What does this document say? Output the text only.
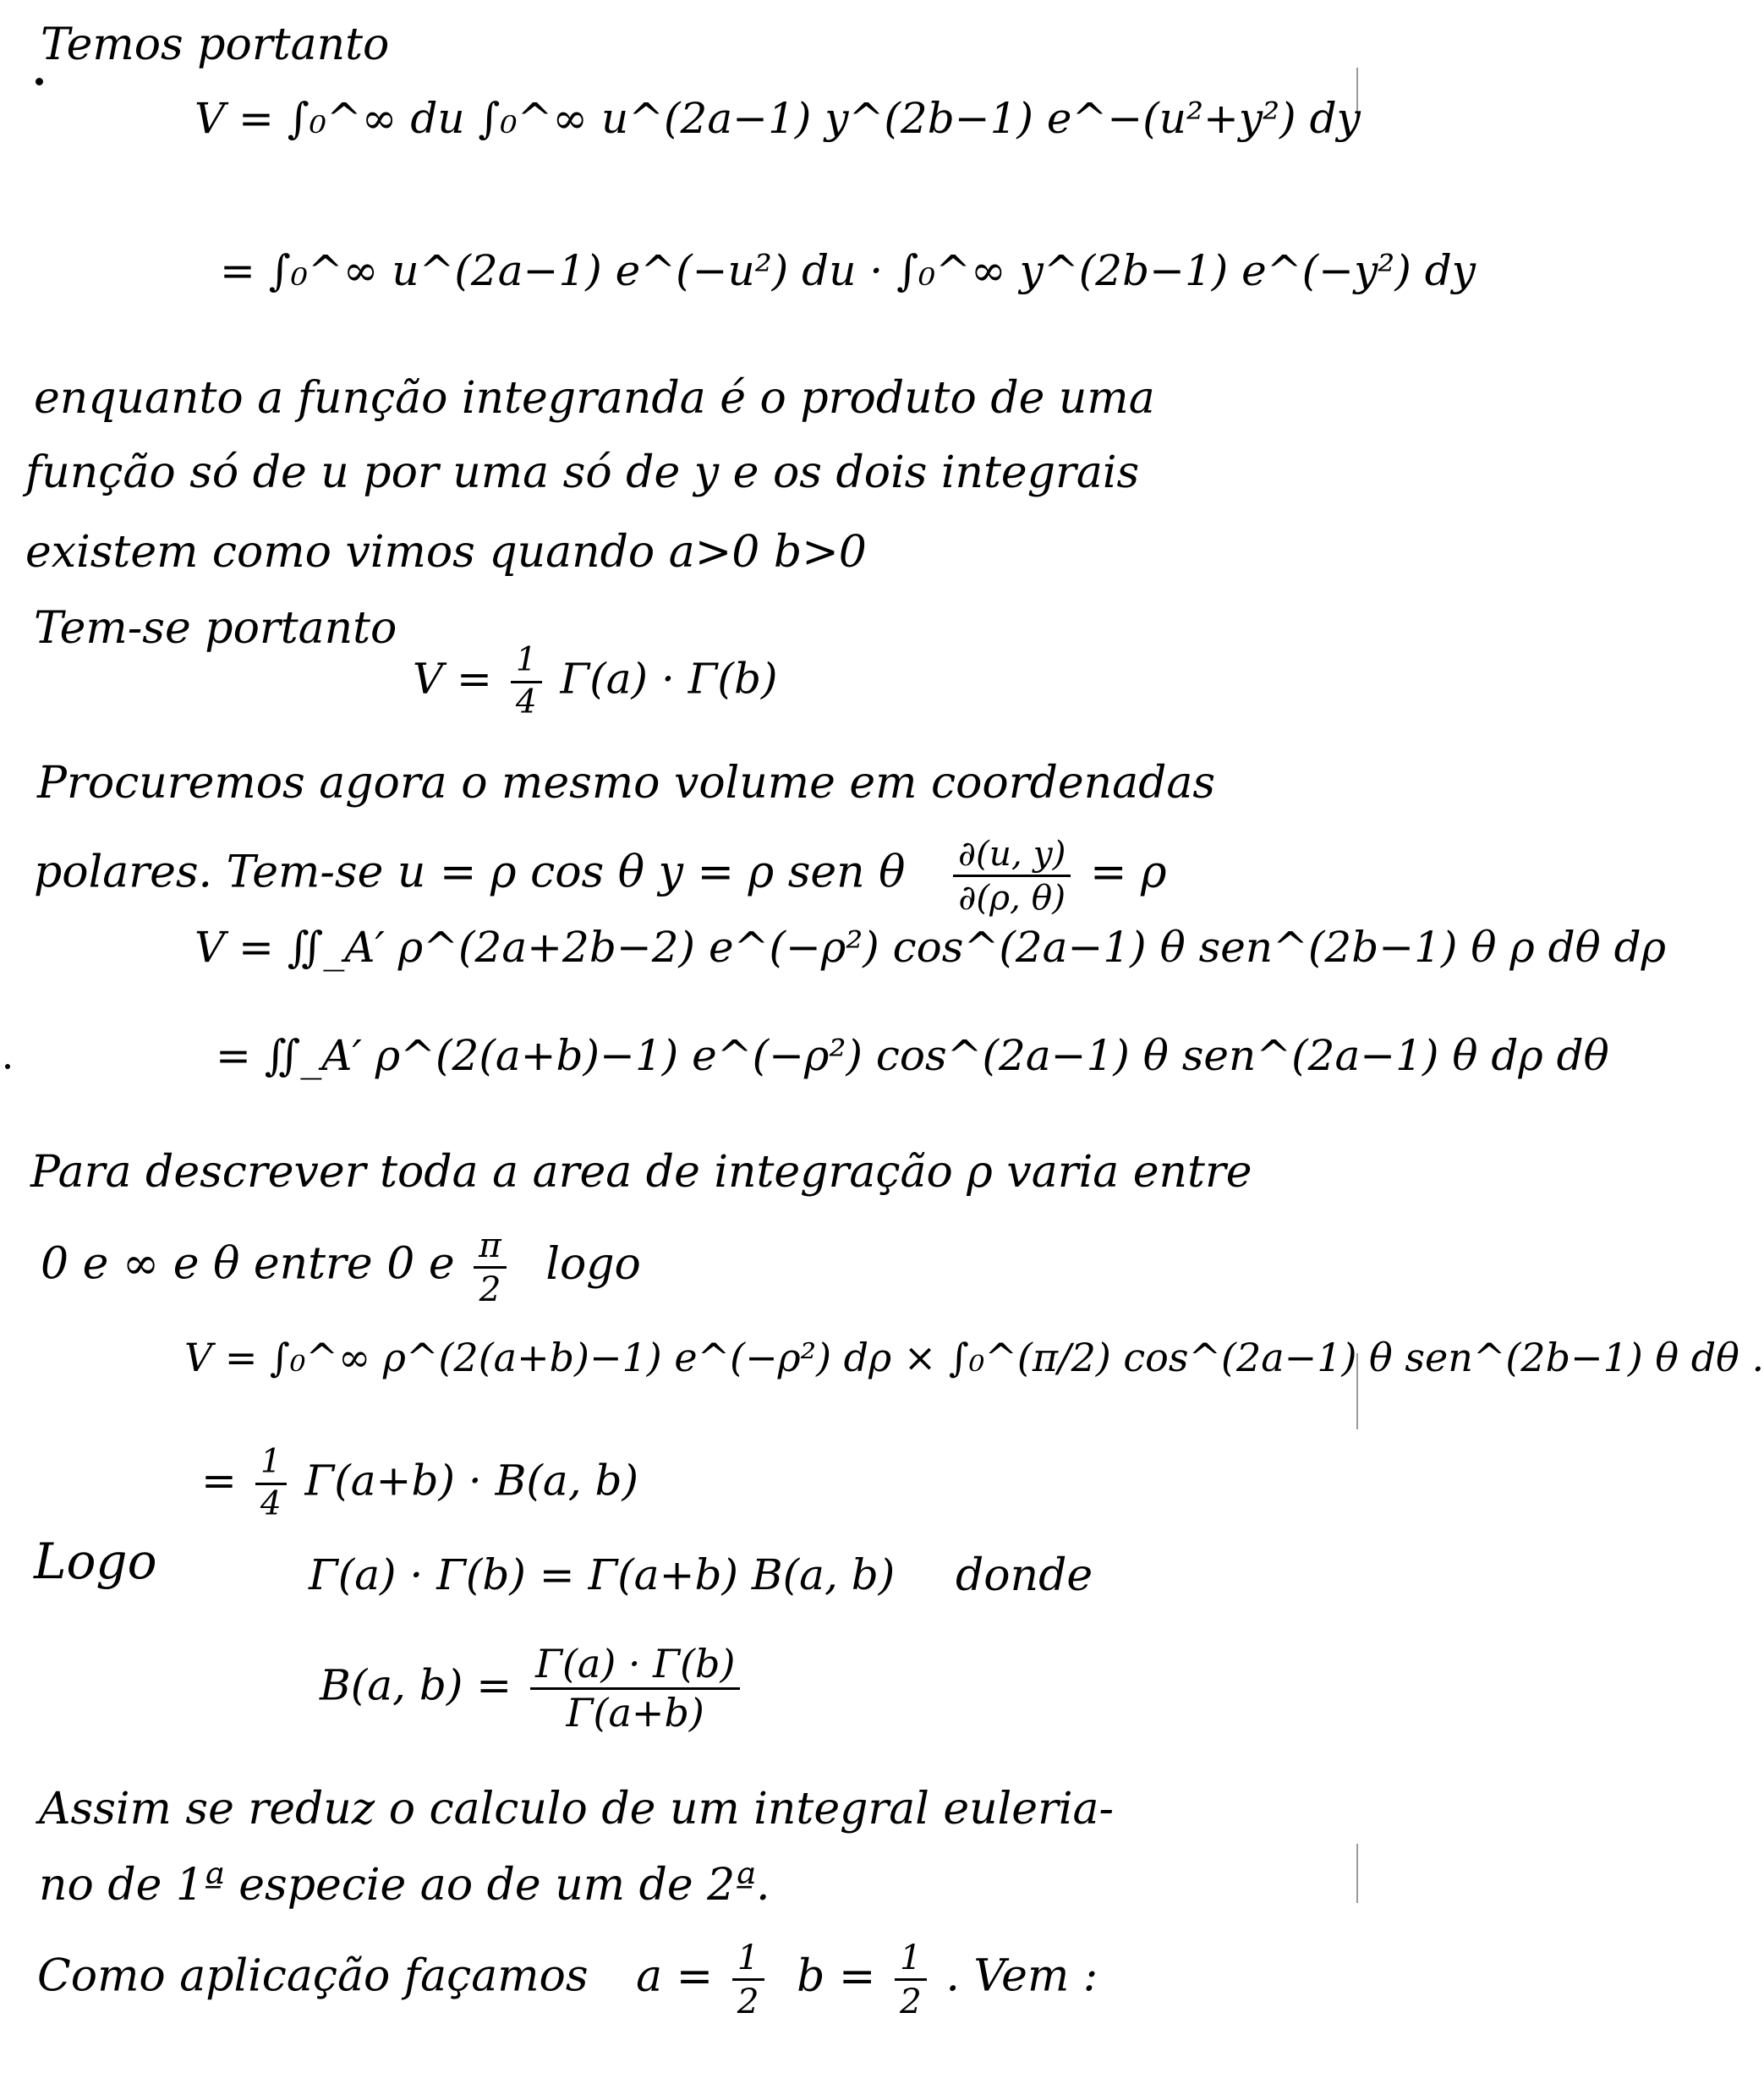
Temos portanto
V = ∫₀^∞ du ∫₀^∞ u^(2a−1) y^(2b−1) e^−(u²+y²) dy
= ∫₀^∞ u^(2a−1) e^(−u²) du · ∫₀^∞ y^(2b−1) e^(−y²) dy
enquanto a função integranda é o produto de uma
função só de u por uma só de y e os dois integrais
existem como vimos quando a>0 b>0
Tem-se portanto
$V = \frac{1}{4} \Gamma(a) \cdot \Gamma(b)$
Procuremos agora o mesmo volume em coordenadas
polares. Tem-se u = ρ cos θ y = ρ sen θ $\frac{\partial(u, y)}{\partial(\rho, \theta)} = \rho$
V = ∬_A′ ρ^(2a+2b−2) e^(−ρ²) cos^(2a−1) θ sen^(2b−1) θ ρ dθ dρ
= ∬_A′ ρ^(2(a+b)−1) e^(−ρ²) cos^(2a−1) θ sen^(2a−1) θ dρ dθ
Para descrever toda a area de integração ρ varia entre
0 e ∞ e θ entre 0 e $\frac{\pi}{2}$ logo
V = ∫₀^∞ ρ^(2(a+b)−1) e^(−ρ²) dρ × ∫₀^(π/2) cos^(2a−1) θ sen^(2b−1) θ dθ .
= $\frac{1}{4} \Gamma(a+b) \cdot B(a$, b)
Logo	Γ(a) · Γ(b) = Γ(a+b) B(a, b) donde
B(a, $b) = \frac{\Gamma(a) \cdot \Gamma(b)}{\Gamma(a+b)}$
Assim se reduz o calculo de um integral euleria-
no de 1ª especie ao de um de 2ª.
Como aplicação façamos $a = \frac{1}{2}$ $b = \frac{1}{2}$ . Vem :
